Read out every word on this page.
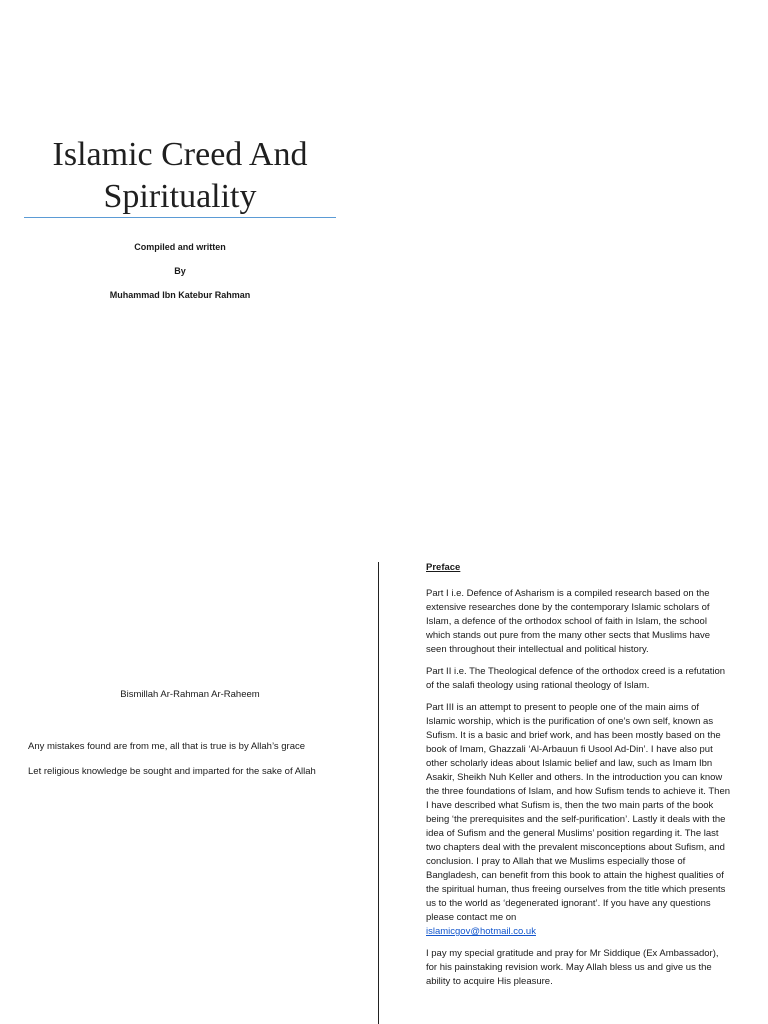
Islamic Creed And
Spirituality
Compiled and written
By
Muhammad Ibn Katebur Rahman
Bismillah Ar-Rahman Ar-Raheem
Any mistakes found are from me, all that is true is by Allah’s grace
Let religious knowledge be sought and imparted for the sake of Allah
Preface

Part I i.e. Defence of Asharism is a compiled research based on the extensive researches done by the contemporary Islamic scholars of Islam, a defence of the orthodox school of faith in Islam, the school which stands out pure from the many other sects that Muslims have seen throughout their intellectual and political history.

Part II i.e. The Theological defence of the orthodox creed is a refutation of the salafi theology using rational theology of Islam.

Part III is an attempt to present to people one of the main aims of Islamic worship, which is the purification of one’s own self, known as Sufism. It is a basic and brief work, and has been mostly based on the book of Imam, Ghazzali ‘Al-Arbauun fi Usool Ad-Din’. I have also put other scholarly ideas about Islamic belief and law, such as Imam Ibn Asakir, Sheikh Nuh Keller and others. In the introduction you can know the three foundations of Islam, and how Sufism tends to achieve it. Then I have described what Sufism is, then the two main parts of the book being ‘the prerequisites and the self-purification’. Lastly it deals with the idea of Sufism and the general Muslims’ position regarding it. The last two chapters deal with the prevalent misconceptions about Sufism, and conclusion. I pray to Allah that we Muslims especially those of Bangladesh, can benefit from this book to attain the highest qualities of the spiritual human, thus freeing ourselves from the title which presents us to the world as ‘degenerated ignorant’. If you have any questions please contact me on
islamicgov@hotmail.co.uk

I pay my special gratitude and pray for Mr Siddique (Ex Ambassador), for his painstaking revision work. May Allah bless us and give us the ability to acquire His pleasure.
